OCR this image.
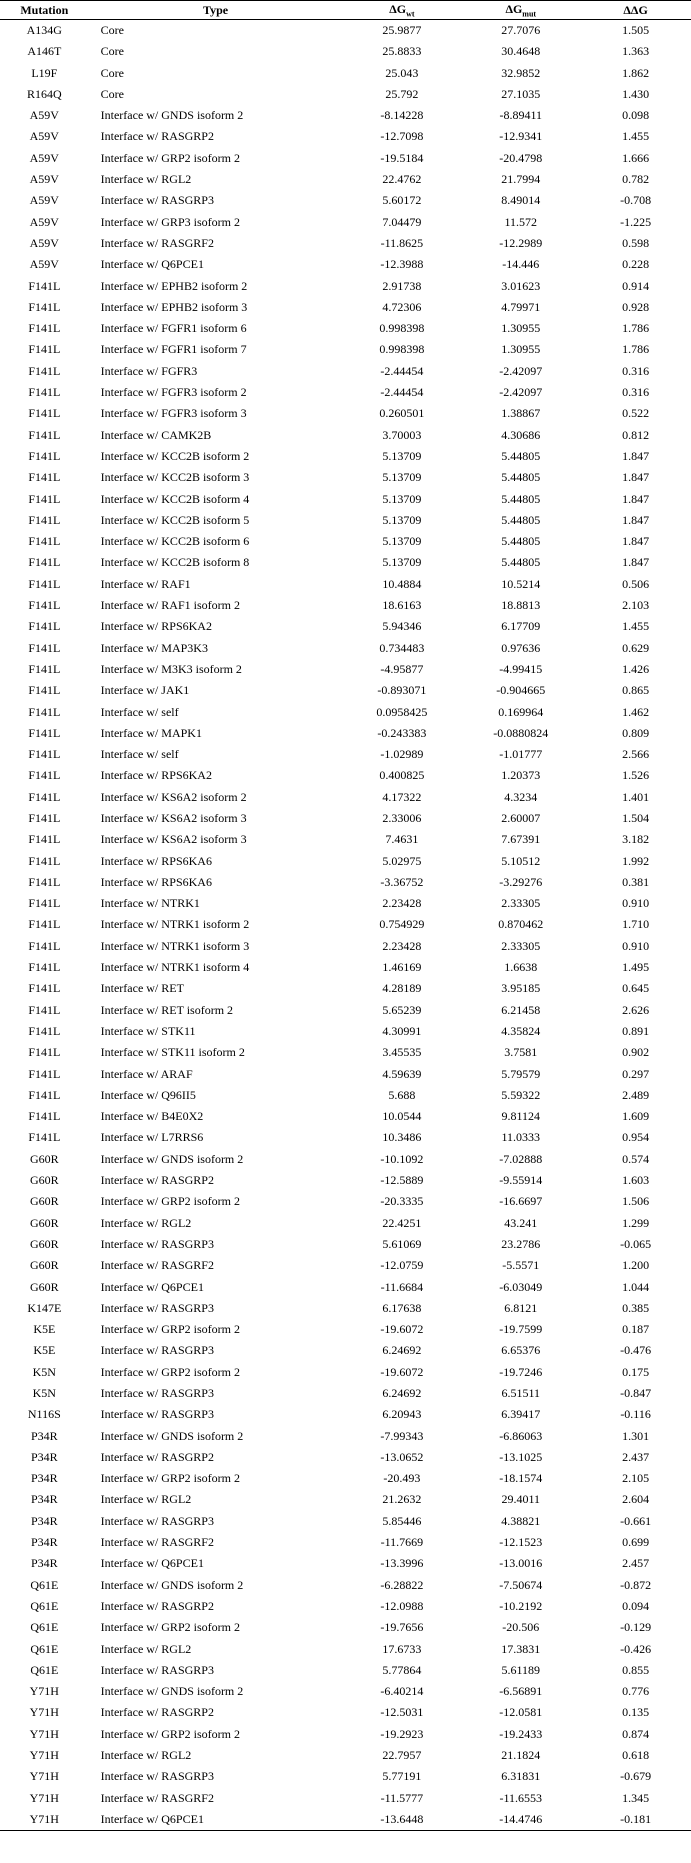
Mutation	Type	$\Delta G_{wt}$	$\Delta G_{mut}$	ΔΔG
A134G	Core	25.9877	27.7076	1.505
A146T	Core	25.8833	30.4648	1.363
L19F	Core	25.043	32.9852	1.862
R164Q	Core	25.792	27.1035	1.430
A59V	Interface w/ GNDS isoform 2	-8.14228	-8.89411	0.098
A59V	Interface w/ RASGRP2	-12.7098	-12.9341	1.455
A59V	Interface w/ GRP2 isoform 2	-19.5184	-20.4798	1.666
A59V	Interface w/ RGL2	22.4762	21.7994	0.782
A59V	Interface w/ RASGRP3	5.60172	8.49014	-0.708
A59V	Interface w/ GRP3 isoform 2	7.04479	11.572	-1.225
A59V	Interface w/ RASGRF2	-11.8625	-12.2989	0.598
A59V	Interface w/ Q6PCE1	-12.3988	-14.446	0.228
F141L	Interface w/ EPHB2 isoform 2	2.91738	3.01623	0.914
F141L	Interface w/ EPHB2 isoform 3	4.72306	4.79971	0.928
F141L	Interface w/ FGFR1 isoform 6	0.998398	1.30955	1.786
F141L	Interface w/ FGFR1 isoform 7	0.998398	1.30955	1.786
F141L	Interface w/ FGFR3	-2.44454	-2.42097	0.316
F141L	Interface w/ FGFR3 isoform 2	-2.44454	-2.42097	0.316
F141L	Interface w/ FGFR3 isoform 3	0.260501	1.38867	0.522
F141L	Interface w/ CAMK2B	3.70003	4.30686	0.812
F141L	Interface w/ KCC2B isoform 2	5.13709	5.44805	1.847
F141L	Interface w/ KCC2B isoform 3	5.13709	5.44805	1.847
F141L	Interface w/ KCC2B isoform 4	5.13709	5.44805	1.847
F141L	Interface w/ KCC2B isoform 5	5.13709	5.44805	1.847
F141L	Interface w/ KCC2B isoform 6	5.13709	5.44805	1.847
F141L	Interface w/ KCC2B isoform 8	5.13709	5.44805	1.847
F141L	Interface w/ RAF1	10.4884	10.5214	0.506
F141L	Interface w/ RAF1 isoform 2	18.6163	18.8813	2.103
F141L	Interface w/ RPS6KA2	5.94346	6.17709	1.455
F141L	Interface w/ MAP3K3	0.734483	0.97636	0.629
F141L	Interface w/ M3K3 isoform 2	-4.95877	-4.99415	1.426
F141L	Interface w/ JAK1	-0.893071	-0.904665	0.865
F141L	Interface w/ self	0.0958425	0.169964	1.462
F141L	Interface w/ MAPK1	-0.243383	-0.0880824	0.809
F141L	Interface w/ self	-1.02989	-1.01777	2.566
F141L	Interface w/ RPS6KA2	0.400825	1.20373	1.526
F141L	Interface w/ KS6A2 isoform 2	4.17322	4.3234	1.401
F141L	Interface w/ KS6A2 isoform 3	2.33006	2.60007	1.504
F141L	Interface w/ KS6A2 isoform 3	7.4631	7.67391	3.182
F141L	Interface w/ RPS6KA6	5.02975	5.10512	1.992
F141L	Interface w/ RPS6KA6	-3.36752	-3.29276	0.381
F141L	Interface w/ NTRK1	2.23428	2.33305	0.910
F141L	Interface w/ NTRK1 isoform 2	0.754929	0.870462	1.710
F141L	Interface w/ NTRK1 isoform 3	2.23428	2.33305	0.910
F141L	Interface w/ NTRK1 isoform 4	1.46169	1.6638	1.495
F141L	Interface w/ RET	4.28189	3.95185	0.645
F141L	Interface w/ RET isoform 2	5.65239	6.21458	2.626
F141L	Interface w/ STK11	4.30991	4.35824	0.891
F141L	Interface w/ STK11 isoform 2	3.45535	3.7581	0.902
F141L	Interface w/ ARAF	4.59639	5.79579	0.297
F141L	Interface w/ Q96II5	5.688	5.59322	2.489
F141L	Interface w/ B4E0X2	10.0544	9.81124	1.609
F141L	Interface w/ L7RRS6	10.3486	11.0333	0.954
G60R	Interface w/ GNDS isoform 2	-10.1092	-7.02888	0.574
G60R	Interface w/ RASGRP2	-12.5889	-9.55914	1.603
G60R	Interface w/ GRP2 isoform 2	-20.3335	-16.6697	1.506
G60R	Interface w/ RGL2	22.4251	43.241	1.299
G60R	Interface w/ RASGRP3	5.61069	23.2786	-0.065
G60R	Interface w/ RASGRF2	-12.0759	-5.5571	1.200
G60R	Interface w/ Q6PCE1	-11.6684	-6.03049	1.044
K147E	Interface w/ RASGRP3	6.17638	6.8121	0.385
K5E	Interface w/ GRP2 isoform 2	-19.6072	-19.7599	0.187
K5E	Interface w/ RASGRP3	6.24692	6.65376	-0.476
K5N	Interface w/ GRP2 isoform 2	-19.6072	-19.7246	0.175
K5N	Interface w/ RASGRP3	6.24692	6.51511	-0.847
N116S	Interface w/ RASGRP3	6.20943	6.39417	-0.116
P34R	Interface w/ GNDS isoform 2	-7.99343	-6.86063	1.301
P34R	Interface w/ RASGRP2	-13.0652	-13.1025	2.437
P34R	Interface w/ GRP2 isoform 2	-20.493	-18.1574	2.105
P34R	Interface w/ RGL2	21.2632	29.4011	2.604
P34R	Interface w/ RASGRP3	5.85446	4.38821	-0.661
P34R	Interface w/ RASGRF2	-11.7669	-12.1523	0.699
P34R	Interface w/ Q6PCE1	-13.3996	-13.0016	2.457
Q61E	Interface w/ GNDS isoform 2	-6.28822	-7.50674	-0.872
Q61E	Interface w/ RASGRP2	-12.0988	-10.2192	0.094
Q61E	Interface w/ GRP2 isoform 2	-19.7656	-20.506	-0.129
Q61E	Interface w/ RGL2	17.6733	17.3831	-0.426
Q61E	Interface w/ RASGRP3	5.77864	5.61189	0.855
Y71H	Interface w/ GNDS isoform 2	-6.40214	-6.56891	0.776
Y71H	Interface w/ RASGRP2	-12.5031	-12.0581	0.135
Y71H	Interface w/ GRP2 isoform 2	-19.2923	-19.2433	0.874
Y71H	Interface w/ RGL2	22.7957	21.1824	0.618
Y71H	Interface w/ RASGRP3	5.77191	6.31831	-0.679
Y71H	Interface w/ RASGRF2	-11.5777	-11.6553	1.345
Y71H	Interface w/ Q6PCE1	-13.6448	-14.4746	-0.181
